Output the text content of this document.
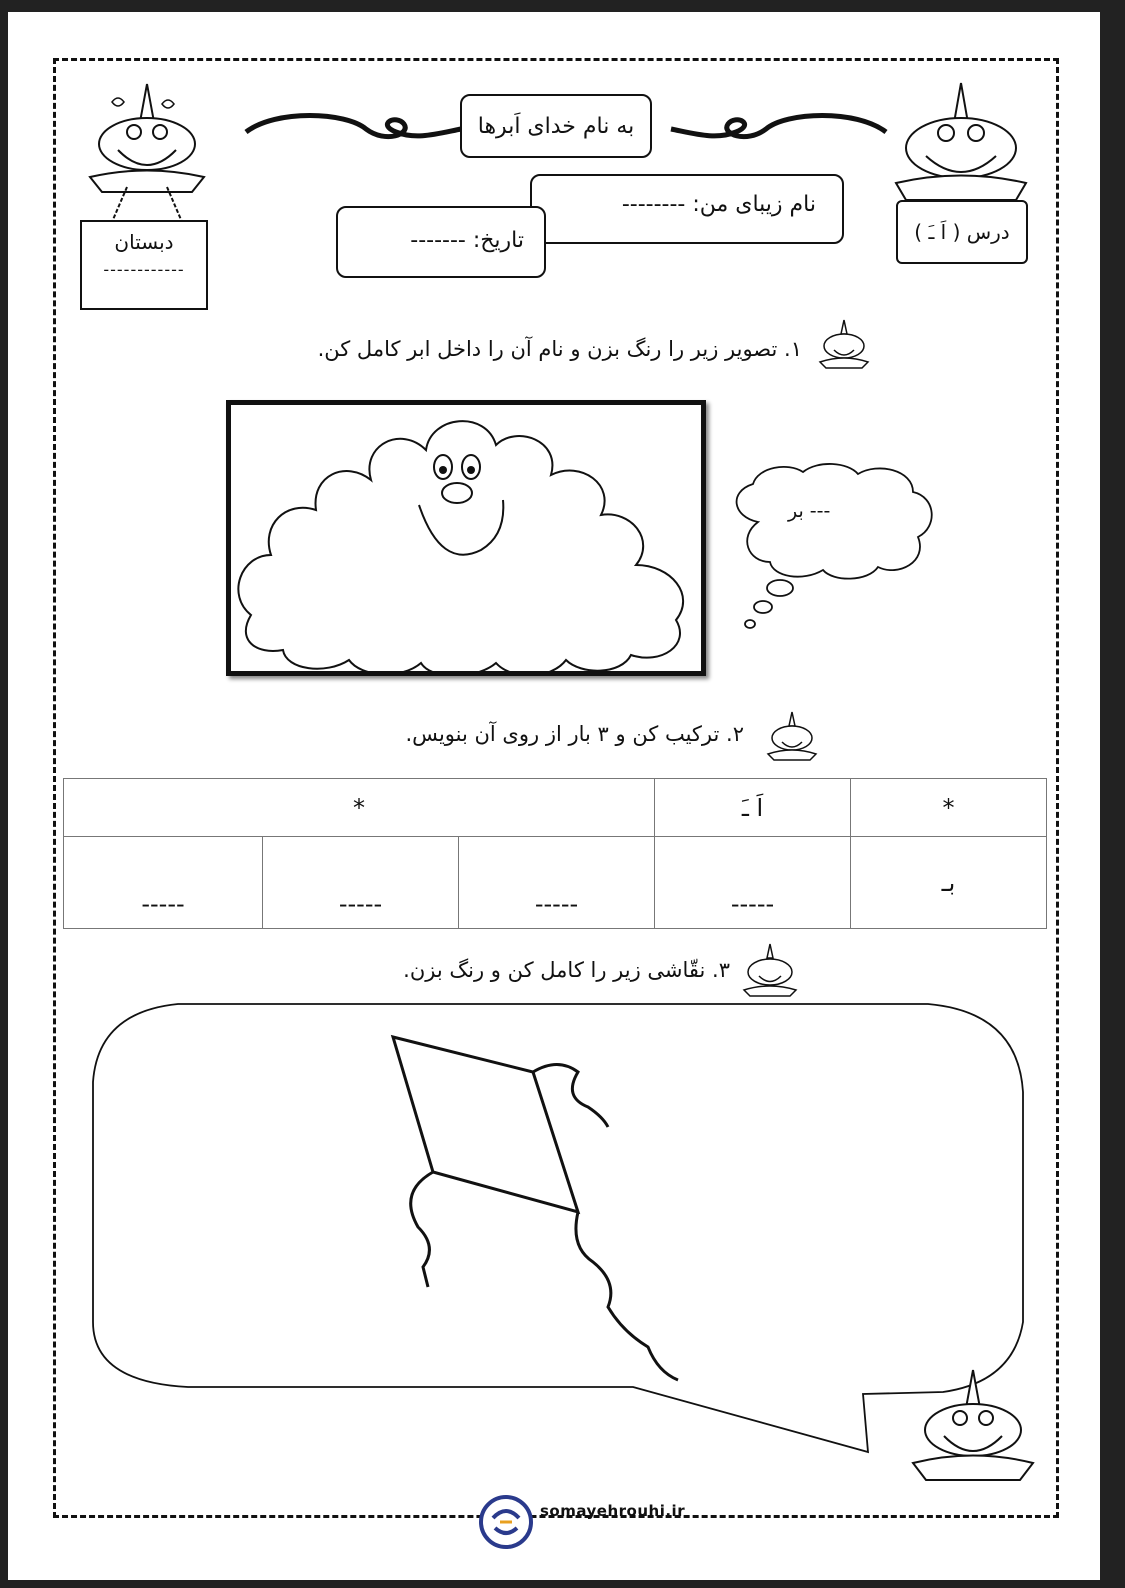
به نام خدای اَبرها
نام زیبای من: --------
تاریخ: -------	درس ( اَ ـَ )
دبستان
------------
۱. تصویر زیر را رنگ بزن و نام آن را داخل ابر کامل کن.
--- بر
۲. ترکیب کن و ۳ بار از روی آن بنویس.
*	اَ ـَ	*		
بـ	-----	-----	-----	-----
۳. نقّاشی زیر را کامل کن و رنگ بزن.
somayehrouhi.ir
